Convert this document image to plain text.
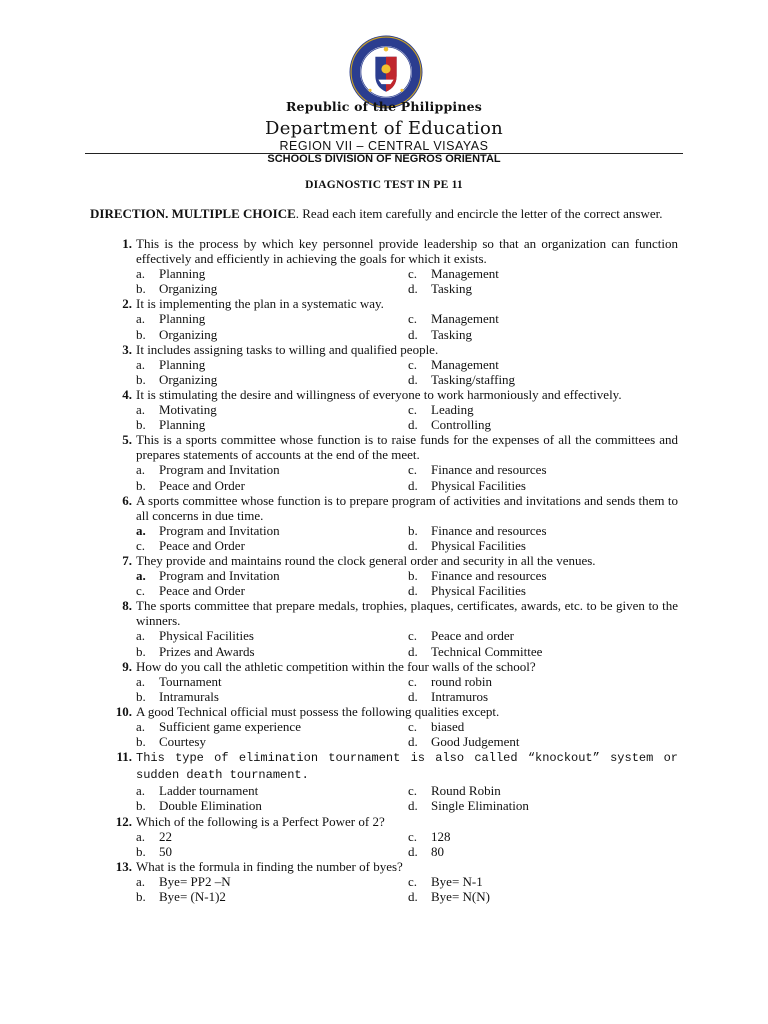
Republic of the Philippines
Department of Education
REGION VII – CENTRAL VISAYAS
SCHOOLS DIVISION OF NEGROS ORIENTAL
DIAGNOSTIC TEST IN PE 11
DIRECTION. MULTIPLE CHOICE. Read each item carefully and encircle the letter of the correct answer.
1. This is the process by which key personnel provide leadership so that an organization can function effectively and efficiently in achieving the goals for which it exists.
a.	Planning	c.	Management
b.	Organizing	d.	Tasking
2. It is implementing the plan in a systematic way.
a.	Planning	c.	Management
b.	Organizing	d.	Tasking
3. It includes assigning tasks to willing and qualified people.
a.	Planning	c.	Management
b.	Organizing	d.	Tasking/staffing
4. It is stimulating the desire and willingness of everyone to work harmoniously and effectively.
a.	Motivating	c.	Leading
b.	Planning	d.	Controlling
5. This is a sports committee whose function is to raise funds for the expenses of all the committees and prepares statements of accounts at the end of the meet.
a.	Program and Invitation	c.	Finance and resources
b.	Peace and Order	d.	Physical Facilities
6. A sports committee whose function is to prepare program of activities and invitations and sends them to all concerns in due time.
a.	Program and Invitation	b.	Finance and resources
c.	Peace and Order	d.	Physical Facilities
7. They provide and maintains round the clock general order and security in all the venues.
a.	Program and Invitation	b.	Finance and resources
c.	Peace and Order	d.	Physical Facilities
8. The sports committee that prepare medals, trophies, plaques, certificates, awards, etc. to be given to the winners.
a.	Physical Facilities	c.	Peace and order
b.	Prizes and Awards	d.	Technical Committee
9. How do you call the athletic competition within the four walls of the school?
a.	Tournament	c.	round robin
b.	Intramurals	d.	Intramuros
10. A good Technical official must possess the following qualities except.
a.	Sufficient game experience	c.	biased
b.	Courtesy	d.	Good Judgement
11. This type of elimination tournament is also called “knockout” system or sudden death tournament.
a.	Ladder tournament	c.	Round Robin
b.	Double Elimination	d.	Single Elimination
12. Which of the following is a Perfect Power of 2?
a.	22	c.	128
b.	50	d.	80
13. What is the formula in finding the number of byes?
a.	Bye= PP2 –N	c.	Bye= N-1
b.	Bye= (N-1)2	d.	Bye= N(N)
